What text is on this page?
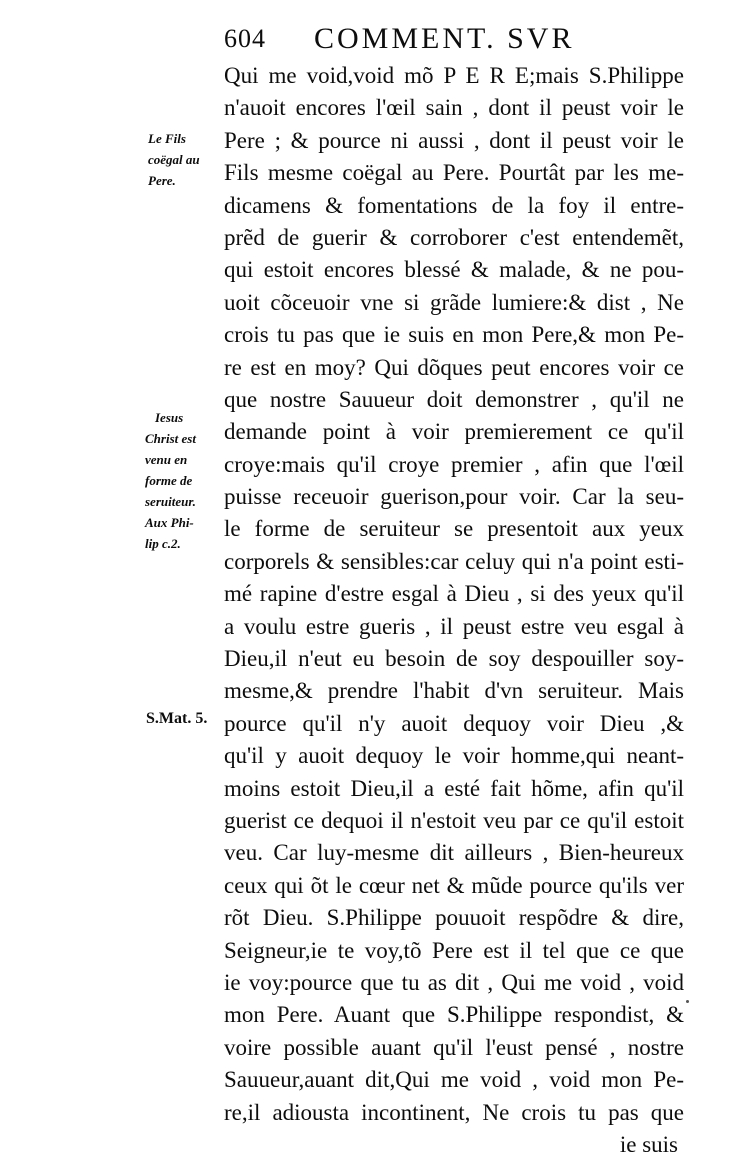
604 COMMENT. SVR
Le Fils
coëgal au
Pere.
Iesus
Christ est
venu en
forme de
seruiteur.
Aux Phi-
lip c.2.
S.Mat. 5.
Qui me void,void mõ P E R E;mais S.Philippe
n'auoit encores l'œil sain , dont il peust voir le
Pere ; & pource ni aussi , dont il peust voir le
Fils mesme coëgal au Pere. Pourtât par les me-
dicamens & fomentations de la foy il entre-
prẽd de guerir & corroborer c'est entendemẽt,
qui estoit encores blessé & malade, & ne pou-
uoit cõceuoir vne si grãde lumiere:& dist , Ne
crois tu pas que ie suis en mon Pere,& mon Pe-
re est en moy? Qui dõques peut encores voir ce
que nostre Sauueur doit demonstrer , qu'il ne
demande point à voir premierement ce qu'il
croye:mais qu'il croye premier , afin que l'œil
puisse receuoir guerison,pour voir. Car la seu-
le forme de seruiteur se presentoit aux yeux
corporels & sensibles:car celuy qui n'a point esti-
mé rapine d'estre esgal à Dieu , si des yeux qu'il
a voulu estre gueris , il peust estre veu esgal à
Dieu,il n'eut eu besoin de soy despouiller soy-
mesme,& prendre l'habit d'vn seruiteur. Mais
pource qu'il n'y auoit dequoy voir Dieu ,&
qu'il y auoit dequoy le voir homme,qui neant-
moins estoit Dieu,il a esté fait hõme, afin qu'il
guerist ce dequoi il n'estoit veu par ce qu'il estoit
veu. Car luy-mesme dit ailleurs , Bien-heureux
ceux qui õt le cœur net & mũde pource qu'ils ver
rõt Dieu. S.Philippe pouuoit respõdre & dire,
Seigneur,ie te voy,tõ Pere est il tel que ce que
ie voy:pource que tu as dit , Qui me void , void
mon Pere. Auant que S.Philippe respondist, &
voire possible auant qu'il l'eust pensé , nostre
Sauueur,auant dit,Qui me void , void mon Pe-
re,il adiousta incontinent, Ne crois tu pas que
ie suis
